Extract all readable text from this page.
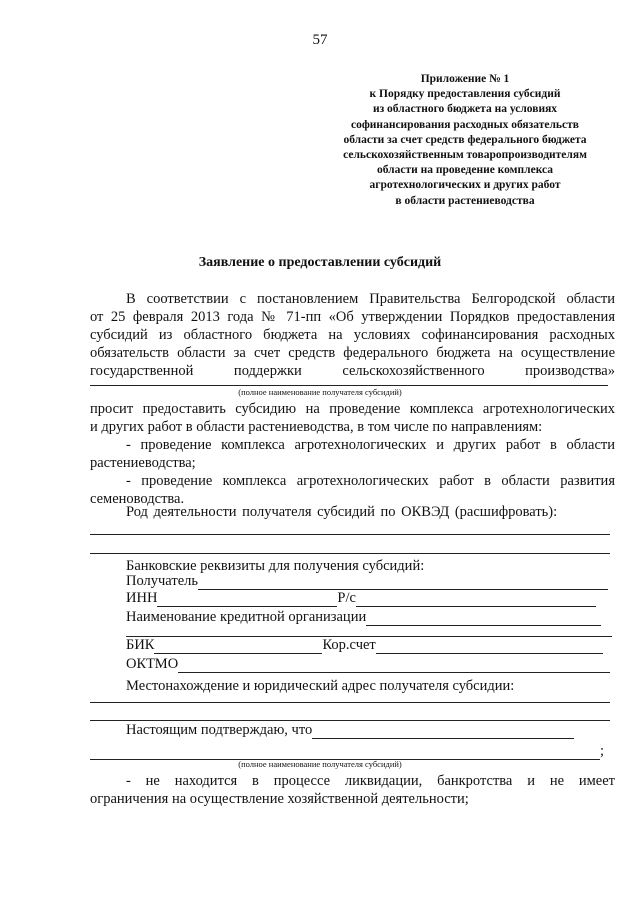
57
Приложение № 1
к Порядку предоставления субсидий
из областного бюджета на условиях
софинансирования расходных обязательств
области за счет средств федерального бюджета
сельскохозяйственным товаропроизводителям
области на проведение комплекса
агротехнологических и других работ
в области растениеводства
Заявление о предоставлении субсидий
В соответствии с постановлением Правительства Белгородской области
от 25 февраля 2013 года № 71-пп «Об утверждении Порядков предоставления
субсидий из областного бюджета на условиях софинансирования расходных
обязательств области за счет средств федерального бюджета на осуществление
государственной поддержки сельскохозяйственного производства»
(полное наименование получателя субсидий)
просит предоставить субсидию на проведение комплекса агротехнологических
и других работ в области растениеводства, в том числе по направлениям:
- проведение комплекса агротехнологических и других работ в области
растениеводства;
- проведение комплекса агротехнологических работ в области развития
семеноводства.
Род деятельности получателя субсидий по ОКВЭД (расшифровать):
Банковские реквизиты для получения субсидий:
Получатель
ИНН	Р/с
Наименование кредитной организации
БИК	Кор.счет
ОКТМО
Местонахождение и юридический адрес получателя субсидии:
Настоящим подтверждаю, что
;
(полное наименование получателя субсидий)
- не находится в процессе ликвидации, банкротства и не имеет
ограничения на осуществление хозяйственной деятельности;
